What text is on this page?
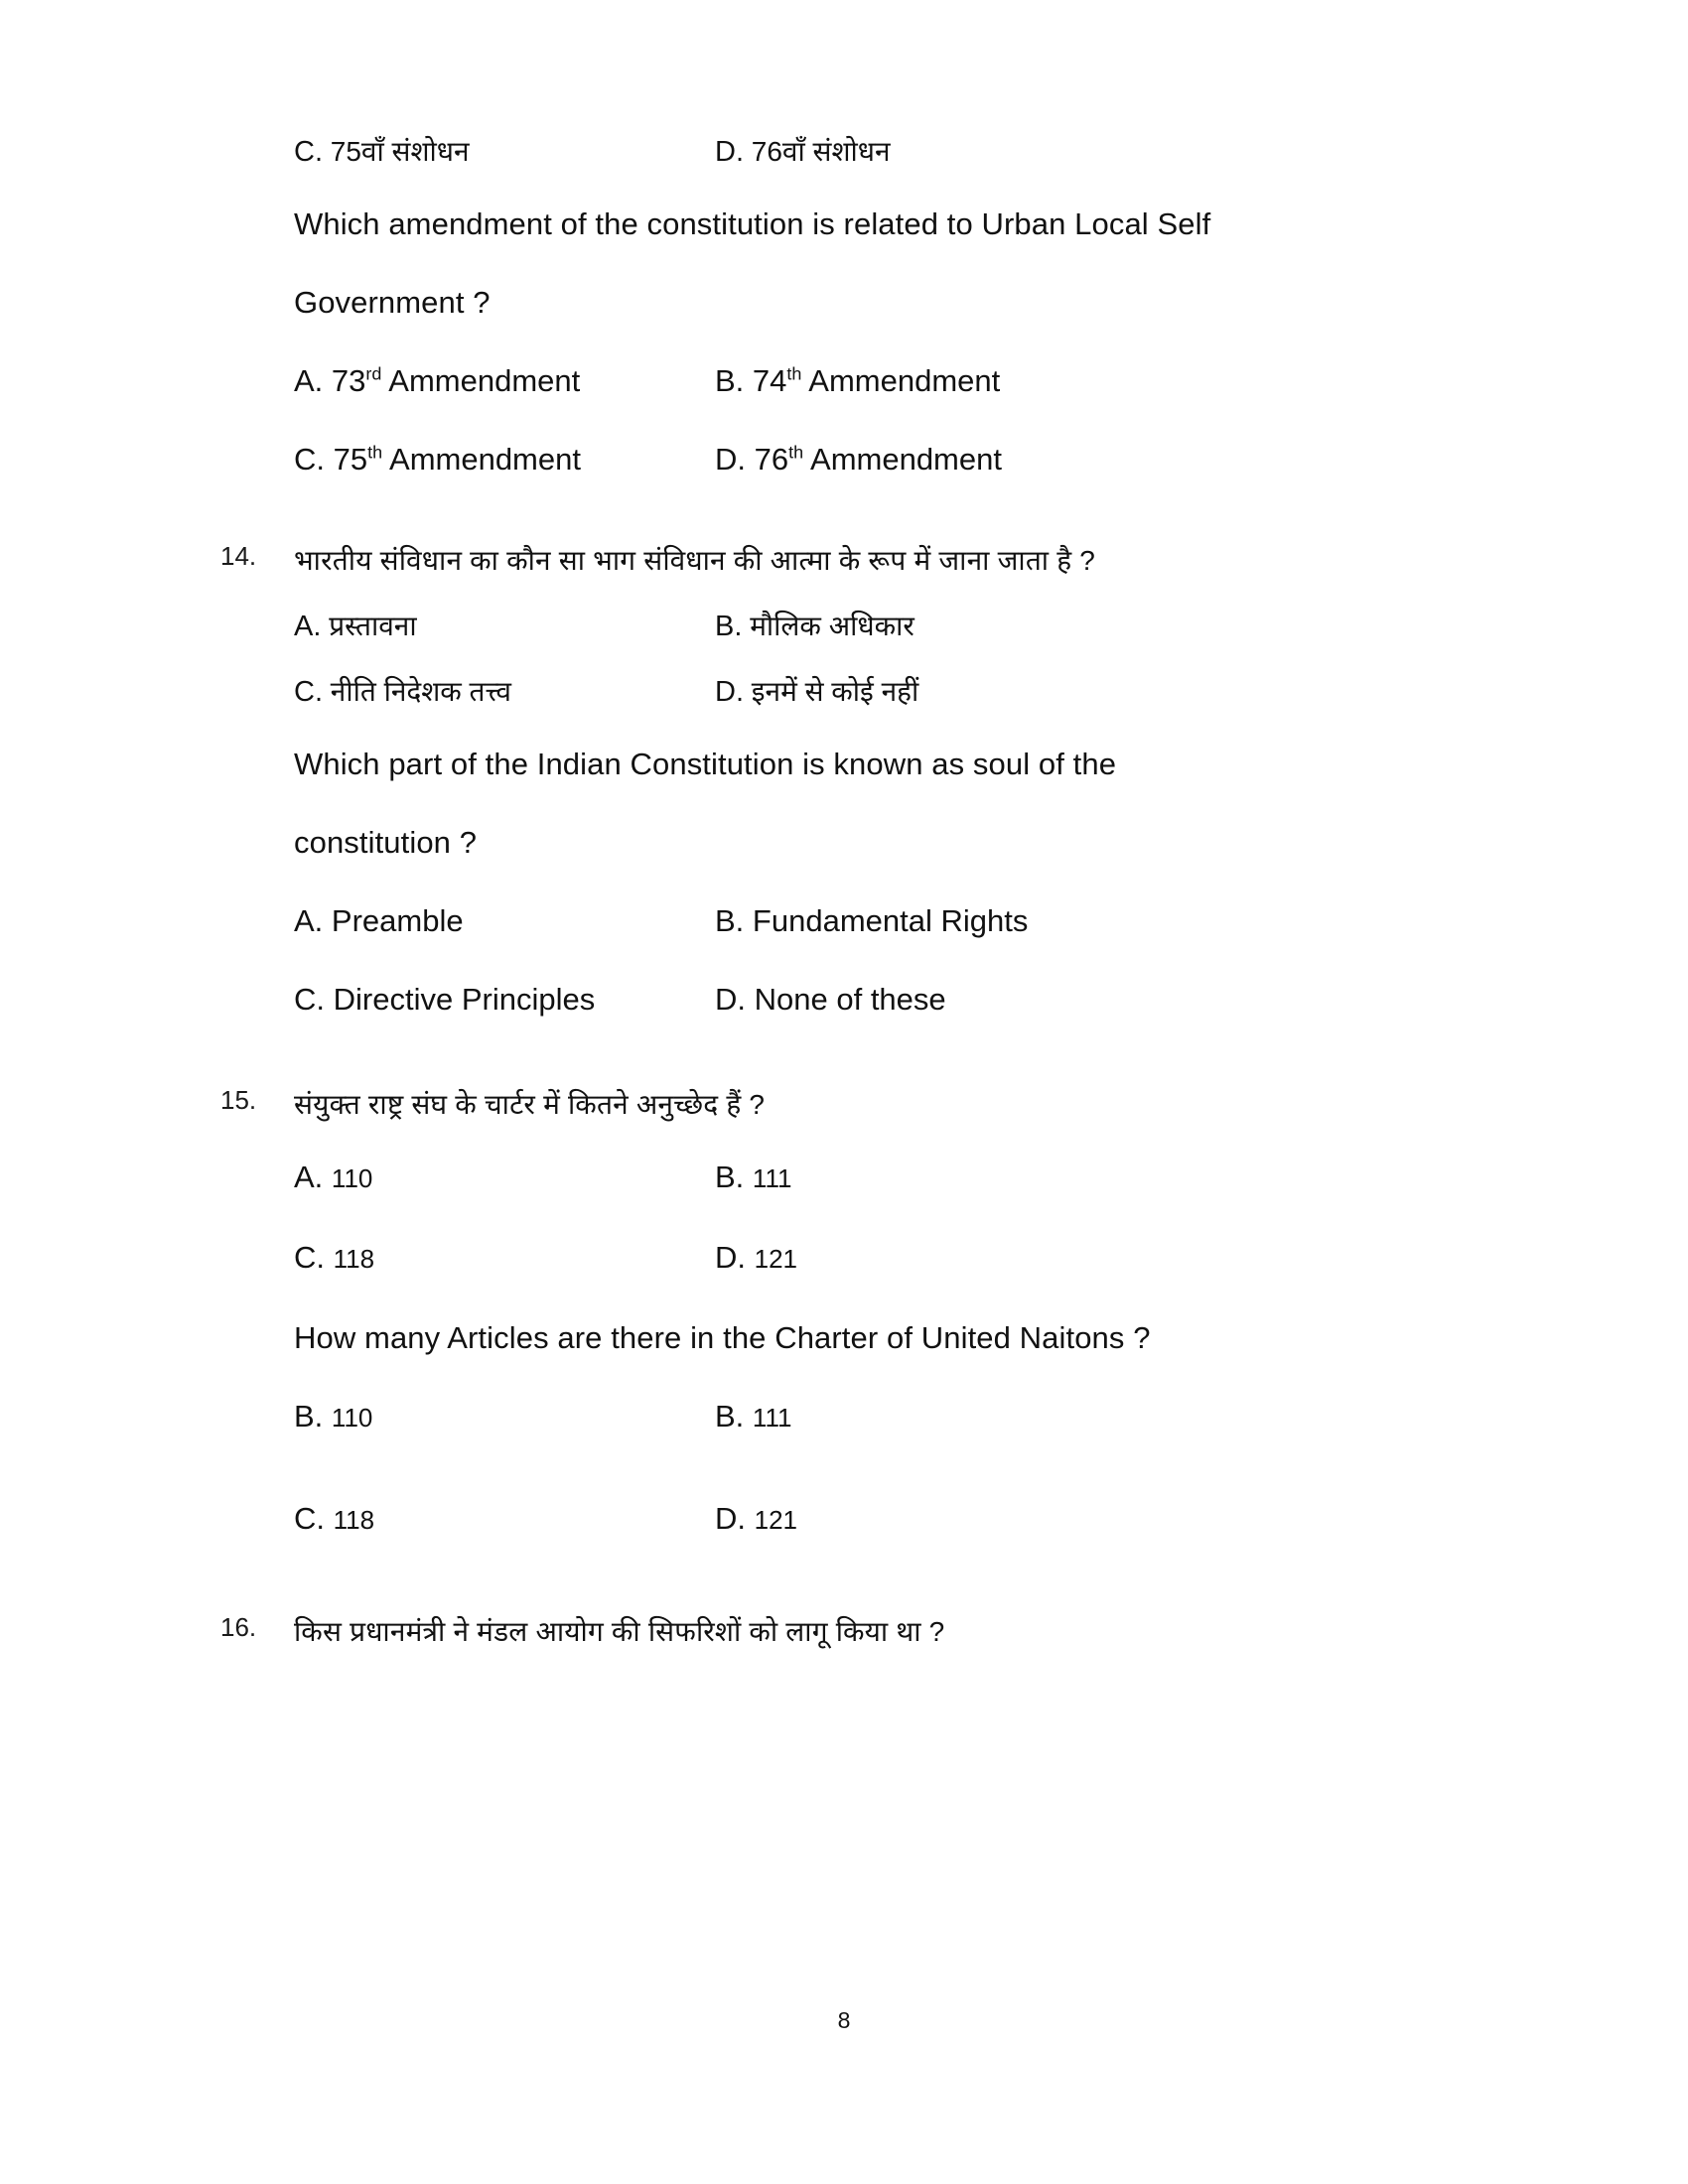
C. 75वाँ संशोधन	D. 76वाँ संशोधन
Which amendment of the constitution is related to Urban Local Self
Government ?
A. 73rd Ammendment	B. 74th Ammendment
C. 75th Ammendment	D. 76th Ammendment
14.	भारतीय संविधान का कौन सा भाग संविधान की आत्मा के रूप में जाना जाता है ?
A. प्रस्तावना	B. मौलिक अधिकार
C. नीति निदेशक तत्त्व	D. इनमें से कोई नहीं
Which part of the Indian Constitution is known as soul of the
constitution ?
A. Preamble	B. Fundamental Rights
C. Directive Principles	D. None of these
15.	संयुक्त राष्ट्र संघ के चार्टर में कितने अनुच्छेद हैं ?
A. 110	B. 111
C. 118	D. 121
How many Articles are there in the Charter of United Naitons ?
B. 110	B. 111
C. 118	D. 121
16.	किस प्रधानमंत्री ने मंडल आयोग की सिफरिशों को लागू किया था ?
8
